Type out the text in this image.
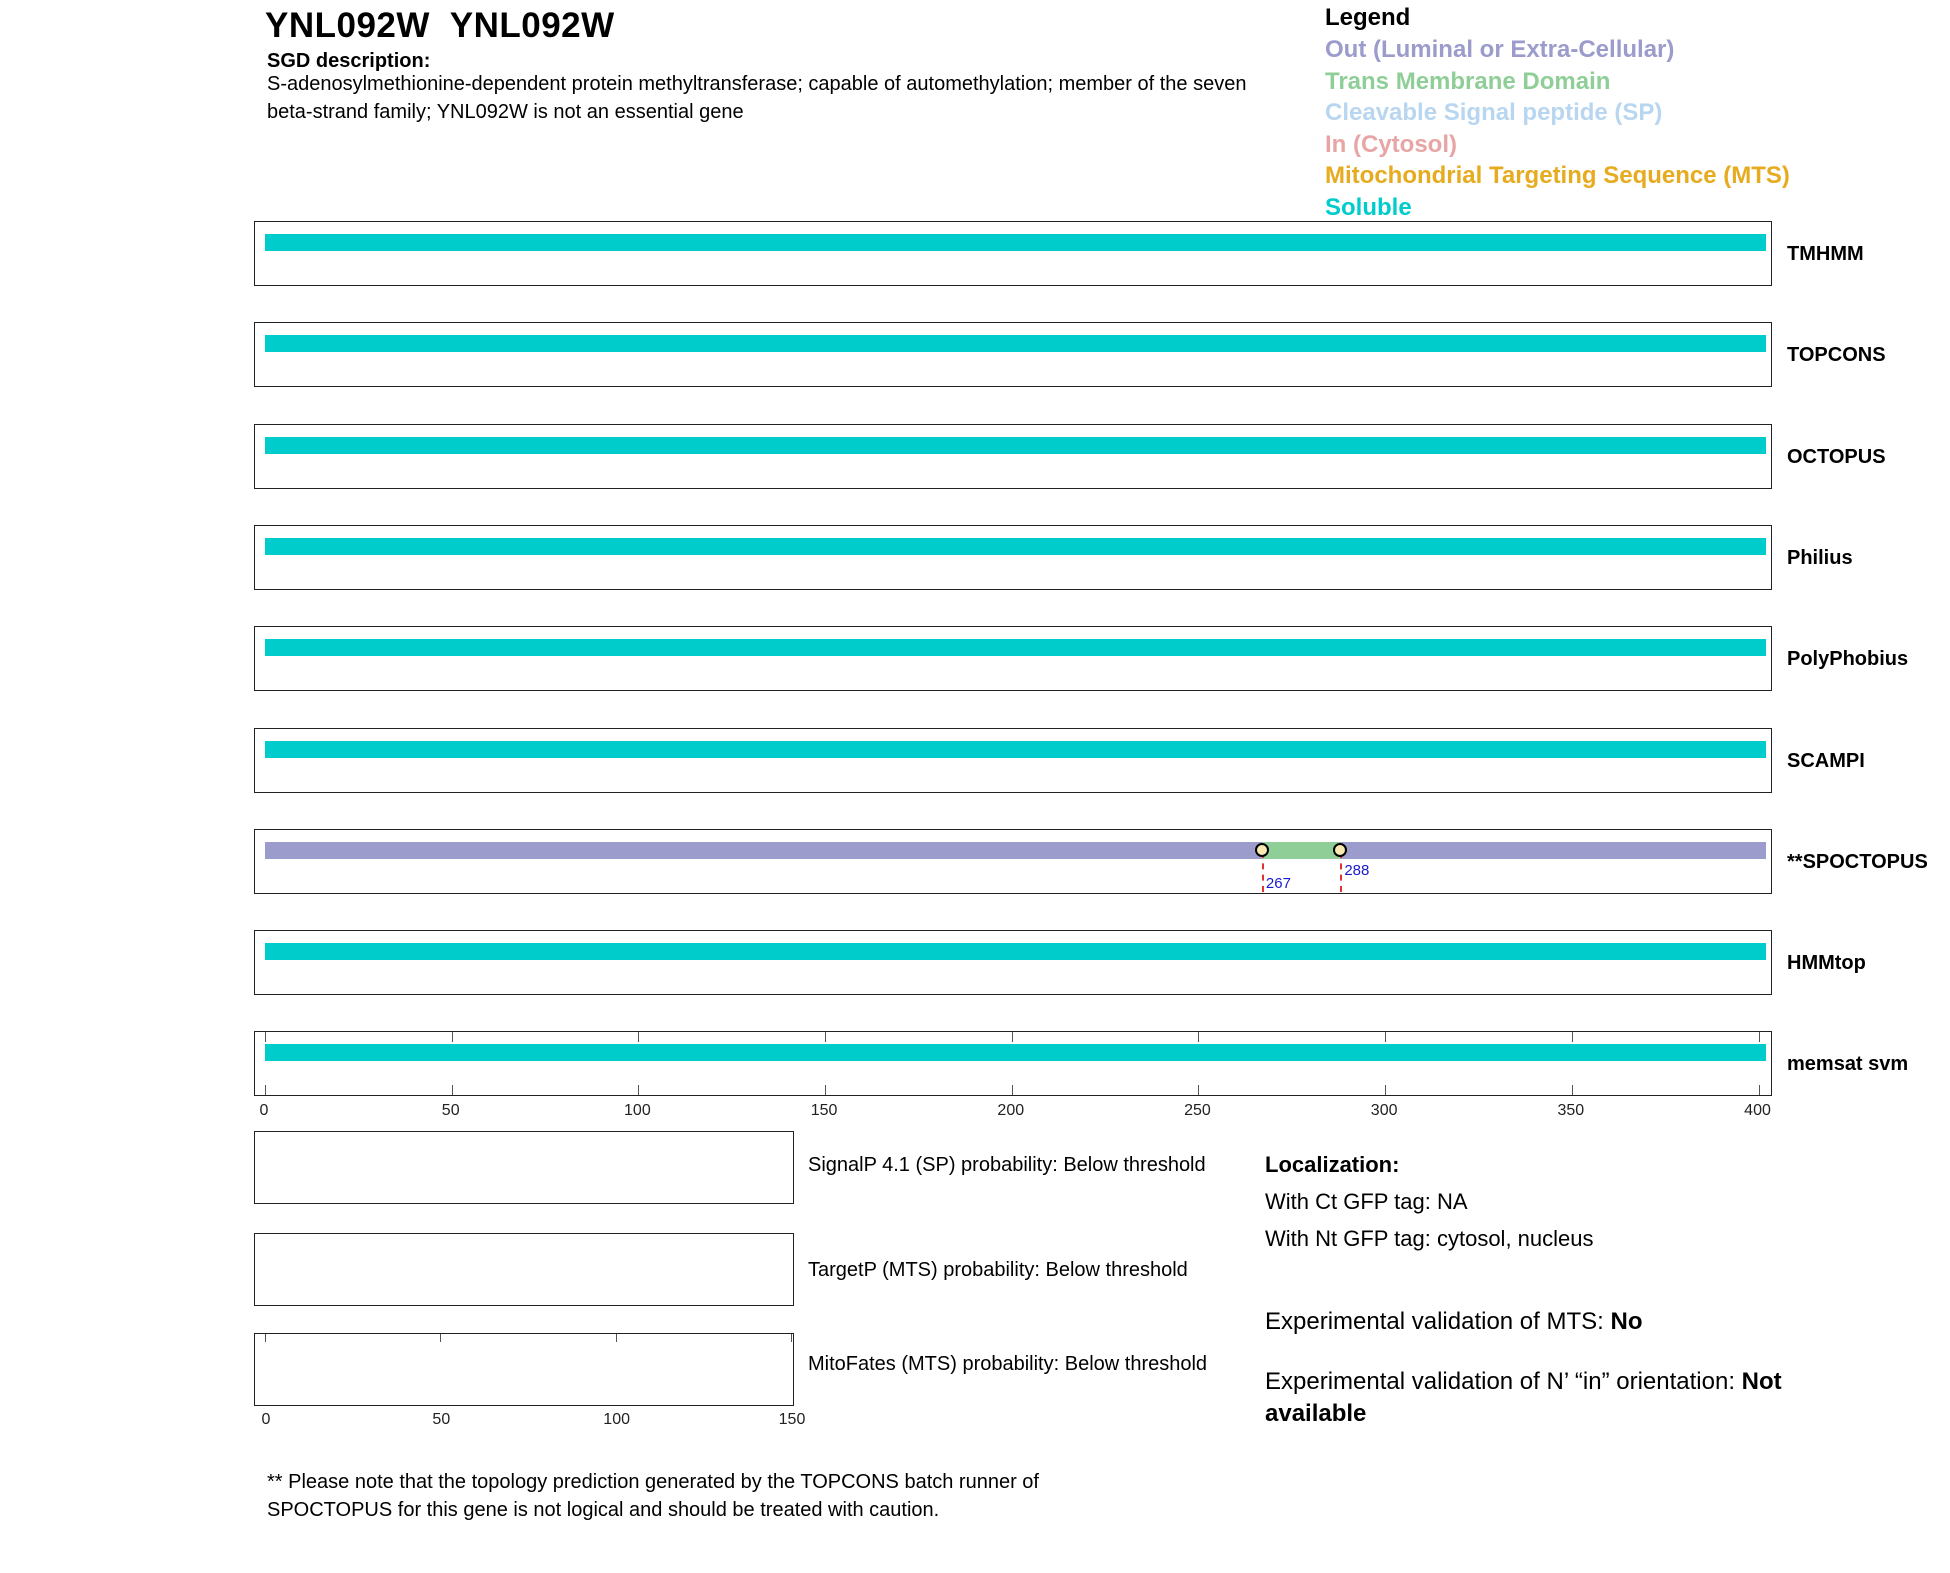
YNL092W  YNL092W
SGD description:
S-adenosylmethionine-dependent protein methyltransferase; capable of automethylation; member of the seven beta-strand family; YNL092W is not an essential gene
Legend
Out (Luminal or Extra-Cellular)
Trans Membrane Domain
Cleavable Signal peptide (SP)
In (Cytosol)
Mitochondrial Targeting Sequence (MTS)
Soluble
TMHMM
TOPCONS
OCTOPUS
Philius
PolyPhobius
SCAMPI
267
288	**SPOCTOPUS
HMMtop
0	50	100	150	200	250	300	350	400
memsat svm
SignalP 4.1 (SP) probability: Below threshold
TargetP (MTS) probability: Below threshold
MitoFates (MTS) probability: Below threshold
0	50	100	150
Localization:
With Ct GFP tag: NA
With Nt GFP tag: cytosol, nucleus
Experimental validation of MTS: No
Experimental validation of N’ “in” orientation: Not available
** Please note that the topology prediction generated by the TOPCONS batch runner of SPOCTOPUS for this gene is not logical and should be treated with caution.
